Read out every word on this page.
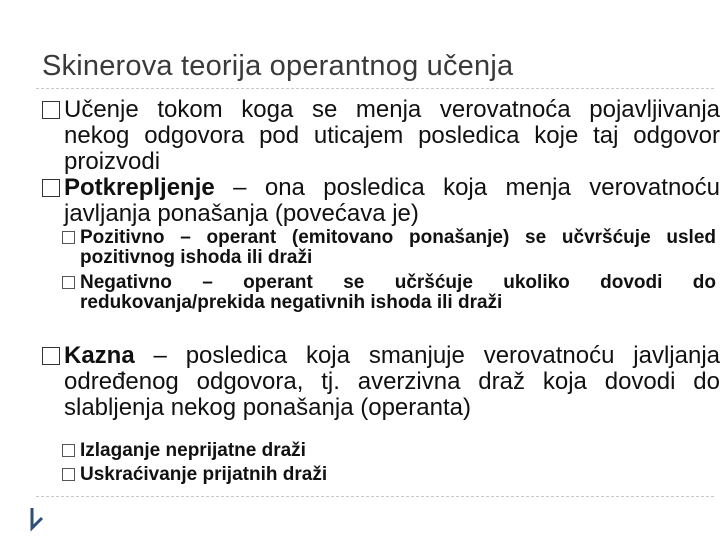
Skinerova teorija operantnog učenja
Učenje tokom koga se menja verovatnoća pojavljivanja nekog odgovora pod uticajem posledica koje taj odgovor proizvodi
Potkrepljenje – ona posledica koja menja verovatnoću javljanja ponašanja (povećava je)
Pozitivno – operant (emitovano ponašanje) se učvršćuje usled pozitivnog ishoda ili draži
Negativno – operant se učršćuje ukoliko dovodi do redukovanja/prekida negativnih ishoda ili draži
Kazna – posledica koja smanjuje verovatnoću javljanja određenog odgovora, tj. averzivna draž koja dovodi do slabljenja nekog ponašanja (operanta)
Izlaganje neprijatne draži
Uskraćivanje prijatnih draži
